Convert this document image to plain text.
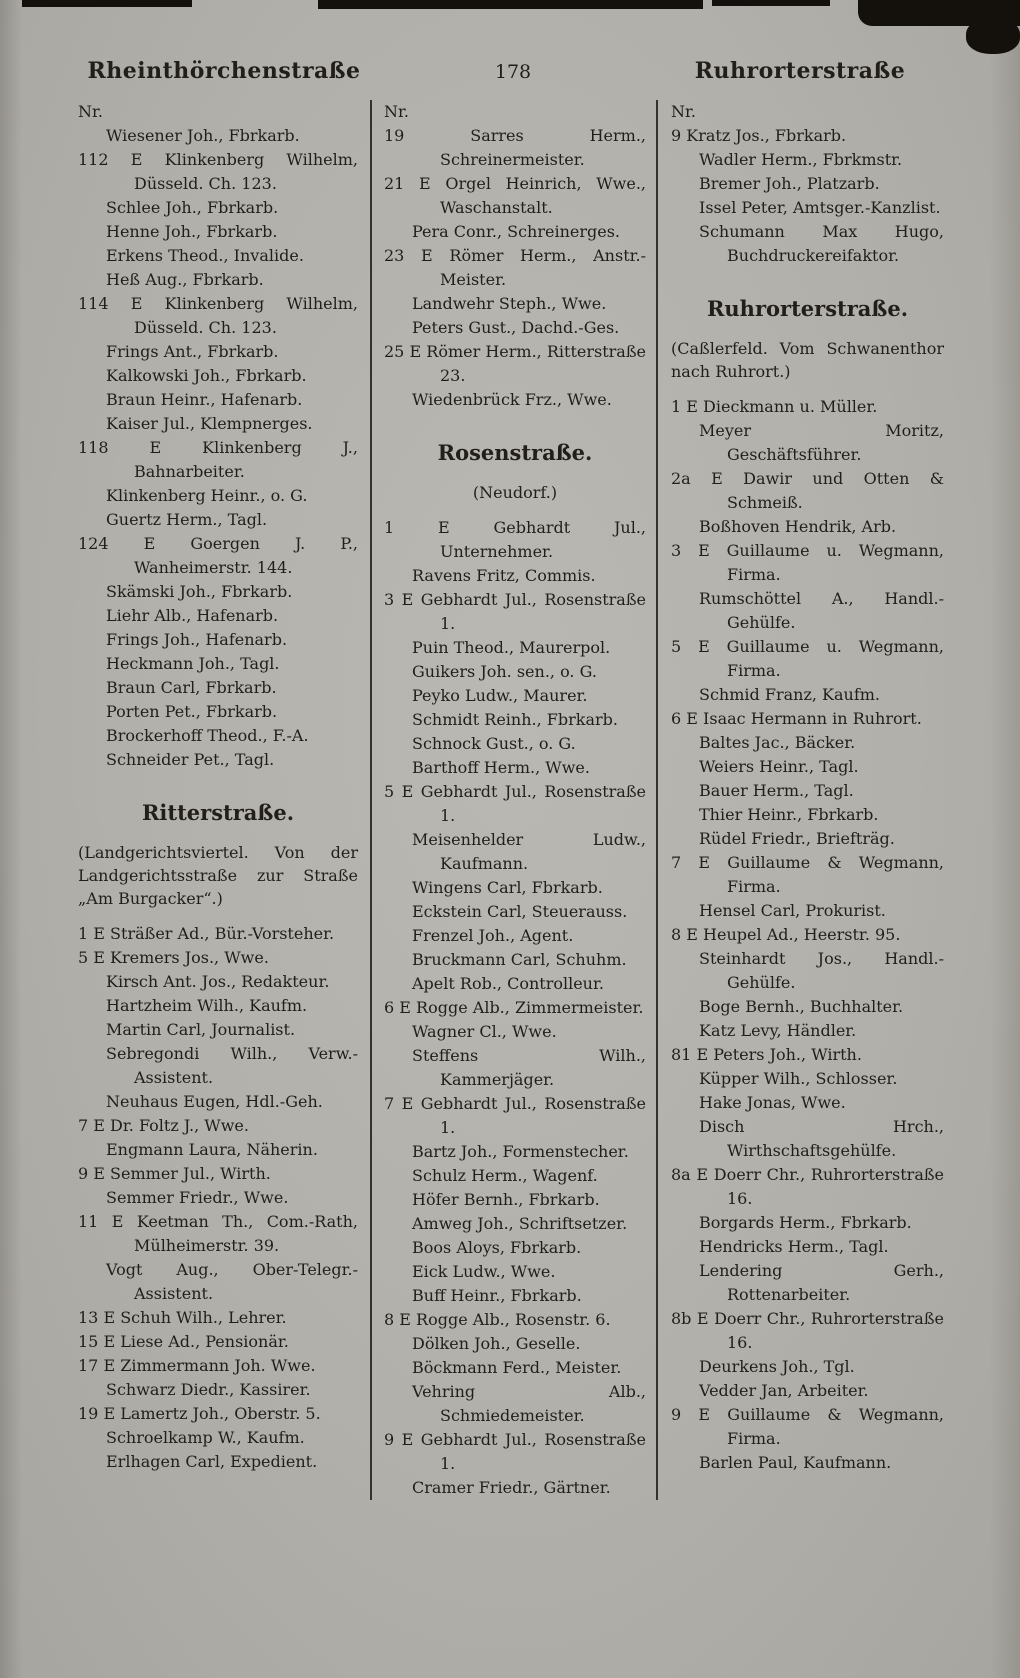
Rheinthörchenstraße	178	Ruhrorterstraße
Nr.
Wiesener Joh., Fbrkarb.
112 E Klinkenberg Wilhelm, Düsseld. Ch. 123.
Schlee Joh., Fbrkarb.
Henne Joh., Fbrkarb.
Erkens Theod., Invalide.
Heß Aug., Fbrkarb.
114 E Klinkenberg Wilhelm, Düsseld. Ch. 123.
Frings Ant., Fbrkarb.
Kalkowski Joh., Fbrkarb.
Braun Heinr., Hafenarb.
Kaiser Jul., Klempnerges.
118 E	Klinkenberg J., Bahnarbeiter.
Klinkenberg Heinr., o. G.
Guertz Herm., Tagl.
124 E Goergen J. P., Wanheimerstr. 144.
Skämski Joh., Fbrkarb.
Liehr Alb., Hafenarb.
Frings Joh., Hafenarb.
Heckmann Joh., Tagl.
Braun Carl, Fbrkarb.
Porten Pet., Fbrkarb.
Brockerhoff Theod., F.-A.
Schneider Pet., Tagl.
Ritterstraße.
(Landgerichtsviertel. Von der Landgerichtsstraße zur Straße „Am Burgacker“.)
1 E Sträßer Ad., Bür.-Vorsteher.
5 E Kremers Jos., Wwe.
Kirsch Ant. Jos., Redakteur.
Hartzheim Wilh., Kaufm.
Martin Carl, Journalist.
Sebregondi Wilh., Verw.-Assistent.
Neuhaus Eugen, Hdl.-Geh.
7 E Dr. Foltz J., Wwe.
Engmann Laura, Näherin.
9 E Semmer Jul., Wirth.
Semmer Friedr., Wwe.
11 E Keetman Th., Com.-Rath, Mülheimerstr. 39.
Vogt Aug., Ober-Telegr.-Assistent.
13 E Schuh Wilh., Lehrer.
15 E Liese Ad., Pensionär.
17 E Zimmermann Joh. Wwe.
Schwarz Diedr., Kassirer.
19 E Lamertz Joh., Oberstr. 5.
Schroelkamp W., Kaufm.
Erlhagen Carl, Expedient.
Nr.
19	Sarres Herm., Schreinermeister.
21 E Orgel Heinrich, Wwe., Waschanstalt.
Pera Conr., Schreinerges.
23 E Römer Herm., Anstr.-Meister.
Landwehr Steph., Wwe.
Peters Gust., Dachd.-Ges.
25 E Römer Herm., Ritterstraße 23.
Wiedenbrück Frz., Wwe.
Rosenstraße.
(Neudorf.)
1 E	Gebhardt Jul., Unternehmer.
Ravens Fritz, Commis.
3 E Gebhardt Jul., Rosenstraße 1.
Puin Theod., Maurerpol.
Guikers Joh. sen., o. G.
Peyko Ludw., Maurer.
Schmidt Reinh., Fbrkarb.
Schnock Gust., o. G.
Barthoff Herm., Wwe.
5 E Gebhardt Jul., Rosenstraße 1.
Meisenhelder Ludw., Kaufmann.
Wingens Carl, Fbrkarb.
Eckstein Carl, Steuerauss.
Frenzel Joh., Agent.
Bruckmann Carl, Schuhm.
Apelt Rob., Controlleur.
6 E Rogge Alb., Zimmermeister.
Wagner Cl., Wwe.
Steffens Wilh., Kammerjäger.
7 E Gebhardt Jul., Rosenstraße 1.
Bartz Joh., Formenstecher.
Schulz Herm., Wagenf.
Höfer Bernh., Fbrkarb.
Amweg Joh., Schriftsetzer.
Boos Aloys, Fbrkarb.
Eick Ludw., Wwe.
Buff Heinr., Fbrkarb.
8 E Rogge Alb., Rosenstr. 6.
Dölken Joh., Geselle.
Böckmann Ferd., Meister.
Vehring Alb., Schmiedemeister.
9 E Gebhardt Jul., Rosenstraße 1.
Cramer Friedr., Gärtner.
Nr.
9 Kratz Jos., Fbrkarb.
Wadler Herm., Fbrkmstr.
Bremer Joh., Platzarb.
Issel Peter, Amtsger.-Kanzlist.
Schumann Max Hugo, Buchdruckereifaktor.
Ruhrorterstraße.
(Caßlerfeld. Vom Schwanenthor nach Ruhrort.)
1 E Dieckmann u. Müller.
Meyer Moritz, Geschäftsführer.
2a E Dawir und Otten & Schmeiß.
Boßhoven Hendrik, Arb.
3 E Guillaume u. Wegmann, Firma.
Rumschöttel A., Handl.-Gehülfe.
5 E Guillaume u. Wegmann, Firma.
Schmid Franz, Kaufm.
6 E Isaac Hermann in Ruhrort.
Baltes Jac., Bäcker.
Weiers Heinr., Tagl.
Bauer Herm., Tagl.
Thier Heinr., Fbrkarb.
Rüdel Friedr., Briefträg.
7 E Guillaume & Wegmann, Firma.
Hensel Carl, Prokurist.
8 E Heupel Ad., Heerstr. 95.
Steinhardt Jos., Handl.-Gehülfe.
Boge Bernh., Buchhalter.
Katz Levy, Händler.
81 E Peters Joh., Wirth.
Küpper Wilh., Schlosser.
Hake Jonas, Wwe.
Disch Hrch., Wirthschaftsgehülfe.
8a E Doerr Chr., Ruhrorterstraße 16.
Borgards Herm., Fbrkarb.
Hendricks Herm., Tagl.
Lendering Gerh., Rottenarbeiter.
8b E Doerr Chr., Ruhrorterstraße 16.
Deurkens Joh., Tgl.
Vedder Jan, Arbeiter.
9 E Guillaume & Wegmann, Firma.
Barlen Paul, Kaufmann.
